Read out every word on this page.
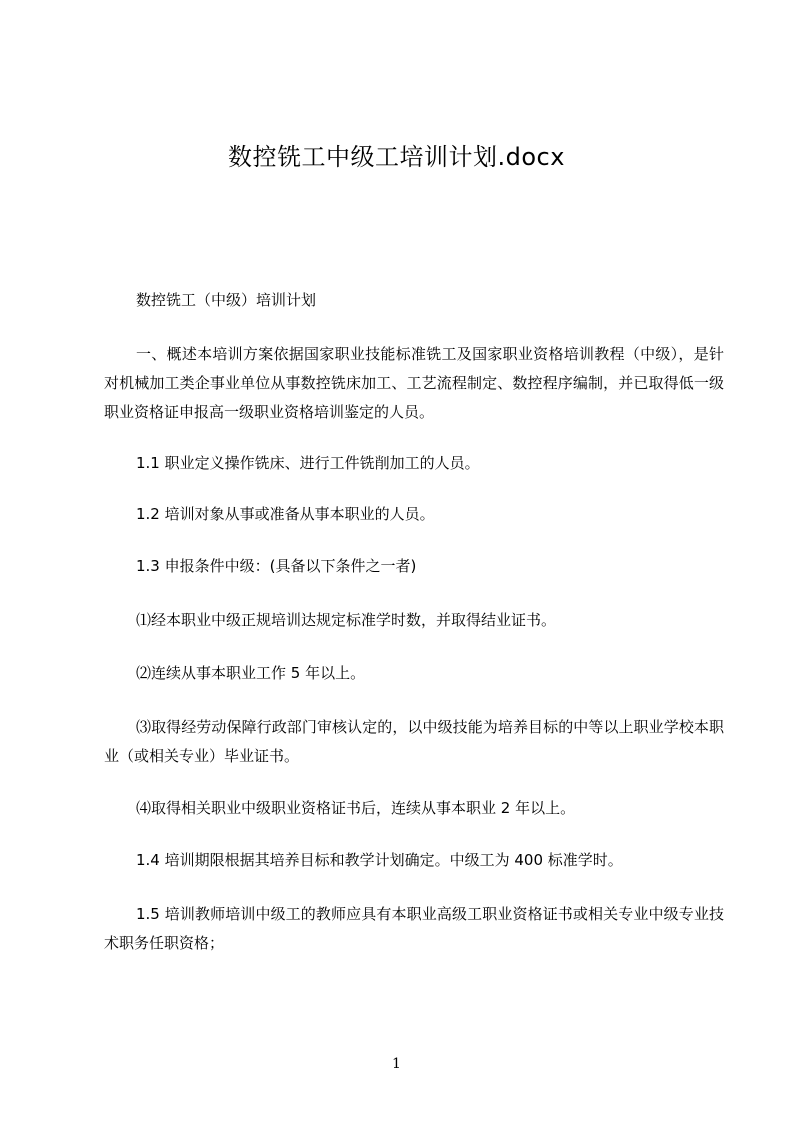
数控铣工中级工培训计划.docx
数控铣工（中级）培训计划
一、概述本培训方案依据国家职业技能标准铣工及国家职业资格培训教程（中级），是针对机械加工类企事业单位从事数控铣床加工、工艺流程制定、数控程序编制，并已取得低一级职业资格证申报高一级职业资格培训鉴定的人员。
1.1 职业定义操作铣床、进行工件铣削加工的人员。
1.2 培训对象从事或准备从事本职业的人员。
1.3 申报条件中级：(具备以下条件之一者)
⑴经本职业中级正规培训达规定标准学时数，并取得结业证书。
⑵连续从事本职业工作 5 年以上。
⑶取得经劳动保障行政部门审核认定的，以中级技能为培养目标的中等以上职业学校本职业（或相关专业）毕业证书。
⑷取得相关职业中级职业资格证书后，连续从事本职业 2 年以上。
1.4 培训期限根据其培养目标和教学计划确定。中级工为 400 标准学时。
1.5 培训教师培训中级工的教师应具有本职业高级工职业资格证书或相关专业中级专业技术职务任职资格；
1
